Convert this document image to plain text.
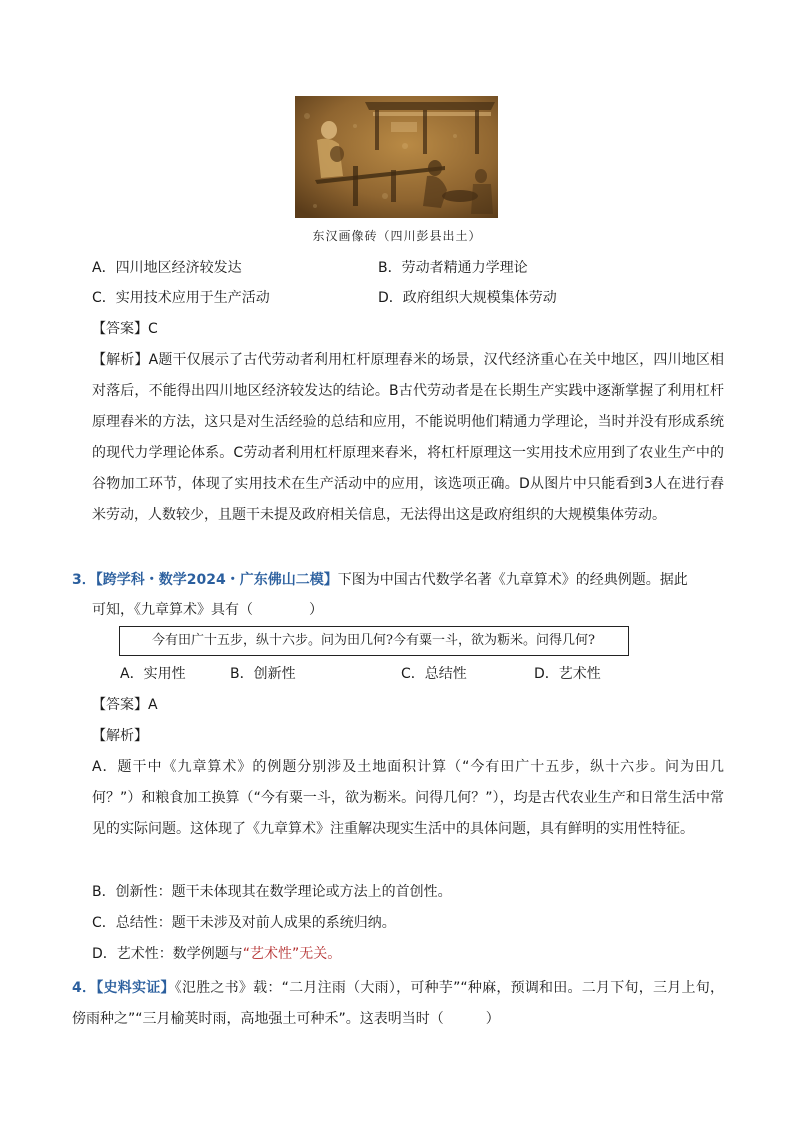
东汉画像砖（四川彭县出土）
A．四川地区经济较发达	B．劳动者精通力学理论
C．实用技术应用于生产活动	D．政府组织大规模集体劳动
【答案】C
【解析】A题干仅展示了古代劳动者利用杠杆原理舂米的场景，汉代经济重心在关中地区，四川地区相对落后，不能得出四川地区经济较发达的结论。B古代劳动者是在长期生产实践中逐渐掌握了利用杠杆原理舂米的方法，这只是对生活经验的总结和应用，不能说明他们精通力学理论，当时并没有形成系统的现代力学理论体系。C劳动者利用杠杆原理来舂米，将杠杆原理这一实用技术应用到了农业生产中的谷物加工环节，体现了实用技术在生产活动中的应用，该选项正确。D从图片中只能看到3人在进行舂米劳动，人数较少，且题干未提及政府相关信息，无法得出这是政府组织的大规模集体劳动。
3．【跨学科・数学2024・广东佛山二模】下图为中国古代数学名著《九章算术》的经典例题。据此
可知，《九章算术》具有（　　　　）
今有田广十五步，纵十六步。问为田几何?今有粟一斗，欲为粝米。问得几何?
A．实用性	B．创新性	C．总结性	D．艺术性
【答案】A
【解析】
A．题干中《九章算术》的例题分别涉及土地面积计算（“今有田广十五步，纵十六步。问为田几何？”）和粮食加工换算（“今有粟一斗，欲为粝米。问得几何？”），均是古代农业生产和日常生活中常见的实际问题。这体现了《九章算术》注重解决现实生活中的具体问题，具有鲜明的实用性特征。
B．创新性：题干未体现其在数学理论或方法上的首创性。
C．总结性：题干未涉及对前人成果的系统归纳。
D．艺术性：数学例题与“艺术性”无关。
4．【史料实证】《氾胜之书》载：“二月注雨（大雨），可种芋”“种麻，预调和田。二月下旬，三月上旬，傍雨种之”“三月榆荚时雨，高地强土可种禾”。这表明当时（　　　）
